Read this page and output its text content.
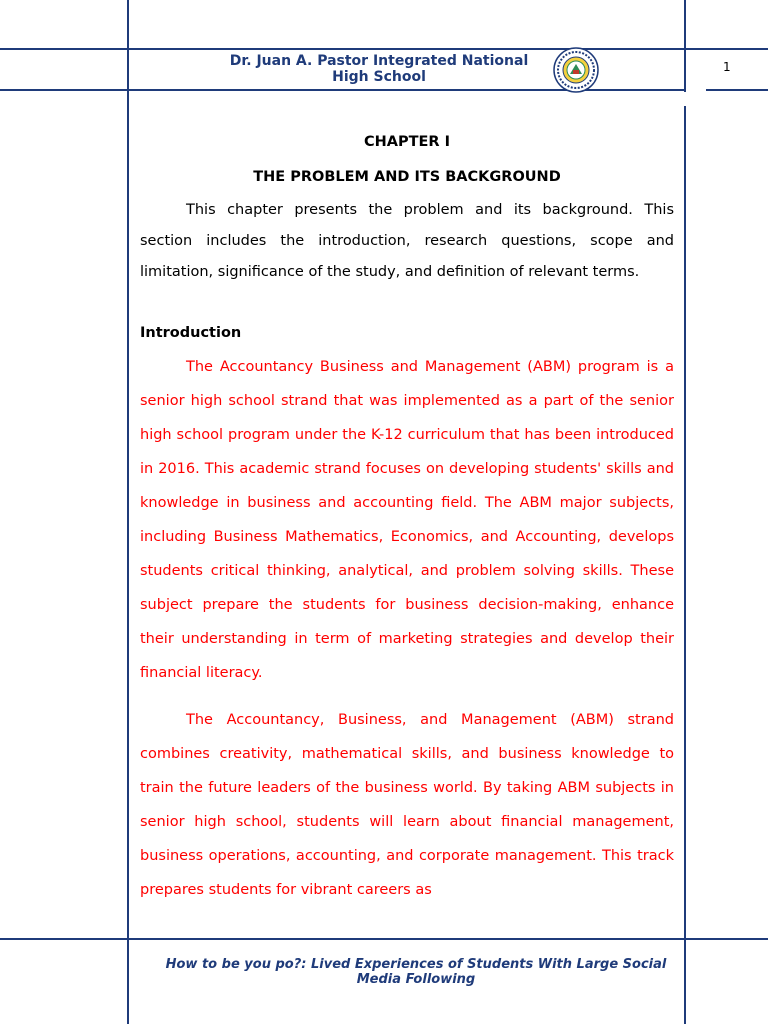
Dr. Juan A. Pastor Integrated National High School
1
CHAPTER I
THE PROBLEM AND ITS BACKGROUND
This chapter presents the problem and its background. This section includes the introduction, research questions, scope and limitation, significance of the study, and definition of relevant terms.
Introduction
The Accountancy Business and Management (ABM) program is a senior high school strand that was implemented as a part of the senior high school program under the K-12 curriculum that has been introduced in 2016. This academic strand focuses on developing students' skills and knowledge in business and accounting field. The ABM major subjects, including Business Mathematics, Economics, and Accounting, develops students critical thinking, analytical, and problem solving skills. These subject prepare the students for business decision-making, enhance their understanding in term of marketing strategies and develop their financial literacy.
The Accountancy, Business, and Management (ABM) strand combines creativity, mathematical skills, and business knowledge to train the future leaders of the business world. By taking ABM subjects in senior high school, students will learn about financial management, business operations, accounting, and corporate management. This track prepares students for vibrant careers as
How to be you po?: Lived Experiences of Students With Large Social Media Following
